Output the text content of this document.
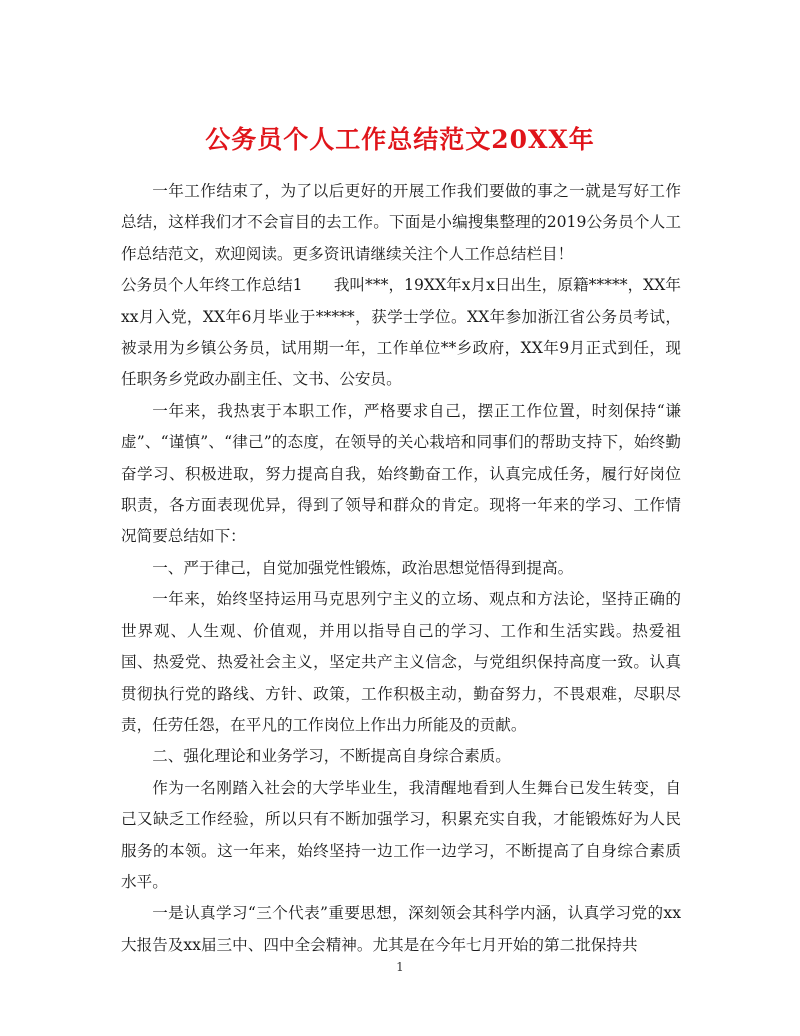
公务员个人工作总结范文20XX年

一年工作结束了，为了以后更好的开展工作我们要做的事之一就是写好工作总结，这样我们才不会盲目的去工作。下面是小编搜集整理的2019公务员个人工作总结范文，欢迎阅读。更多资讯请继续关注个人工作总结栏目！

公务员个人年终工作总结1　　我叫***，19XX年x月x日出生，原籍*****，XX年xx月入党，XX年6月毕业于*****，获学士学位。XX年参加浙江省公务员考试，被录用为乡镇公务员，试用期一年，工作单位**乡政府，XX年9月正式到任，现任职务乡党政办副主任、文书、公安员。

一年来，我热衷于本职工作，严格要求自己，摆正工作位置，时刻保持“谦虚”、“谨慎”、“律己”的态度，在领导的关心栽培和同事们的帮助支持下，始终勤奋学习、积极进取，努力提高自我，始终勤奋工作，认真完成任务，履行好岗位职责，各方面表现优异，得到了领导和群众的肯定。现将一年来的学习、工作情况简要总结如下：

一、严于律己，自觉加强党性锻炼，政治思想觉悟得到提高。

一年来，始终坚持运用马克思列宁主义的立场、观点和方法论，坚持正确的世界观、人生观、价值观，并用以指导自己的学习、工作和生活实践。热爱祖国、热爱党、热爱社会主义，坚定共产主义信念，与党组织保持高度一致。认真贯彻执行党的路线、方针、政策，工作积极主动，勤奋努力，不畏艰难，尽职尽责，任劳任怨，在平凡的工作岗位上作出力所能及的贡献。

二、强化理论和业务学习，不断提高自身综合素质。

作为一名刚踏入社会的大学毕业生，我清醒地看到人生舞台已发生转变，自己又缺乏工作经验，所以只有不断加强学习，积累充实自我，才能锻炼好为人民服务的本领。这一年来，始终坚持一边工作一边学习，不断提高了自身综合素质水平。

一是认真学习“三个代表”重要思想，深刻领会其科学内涵，认真学习党的xx大报告及xx届三中、四中全会精神。尤其是在今年七月开始的第二批保持共

1
